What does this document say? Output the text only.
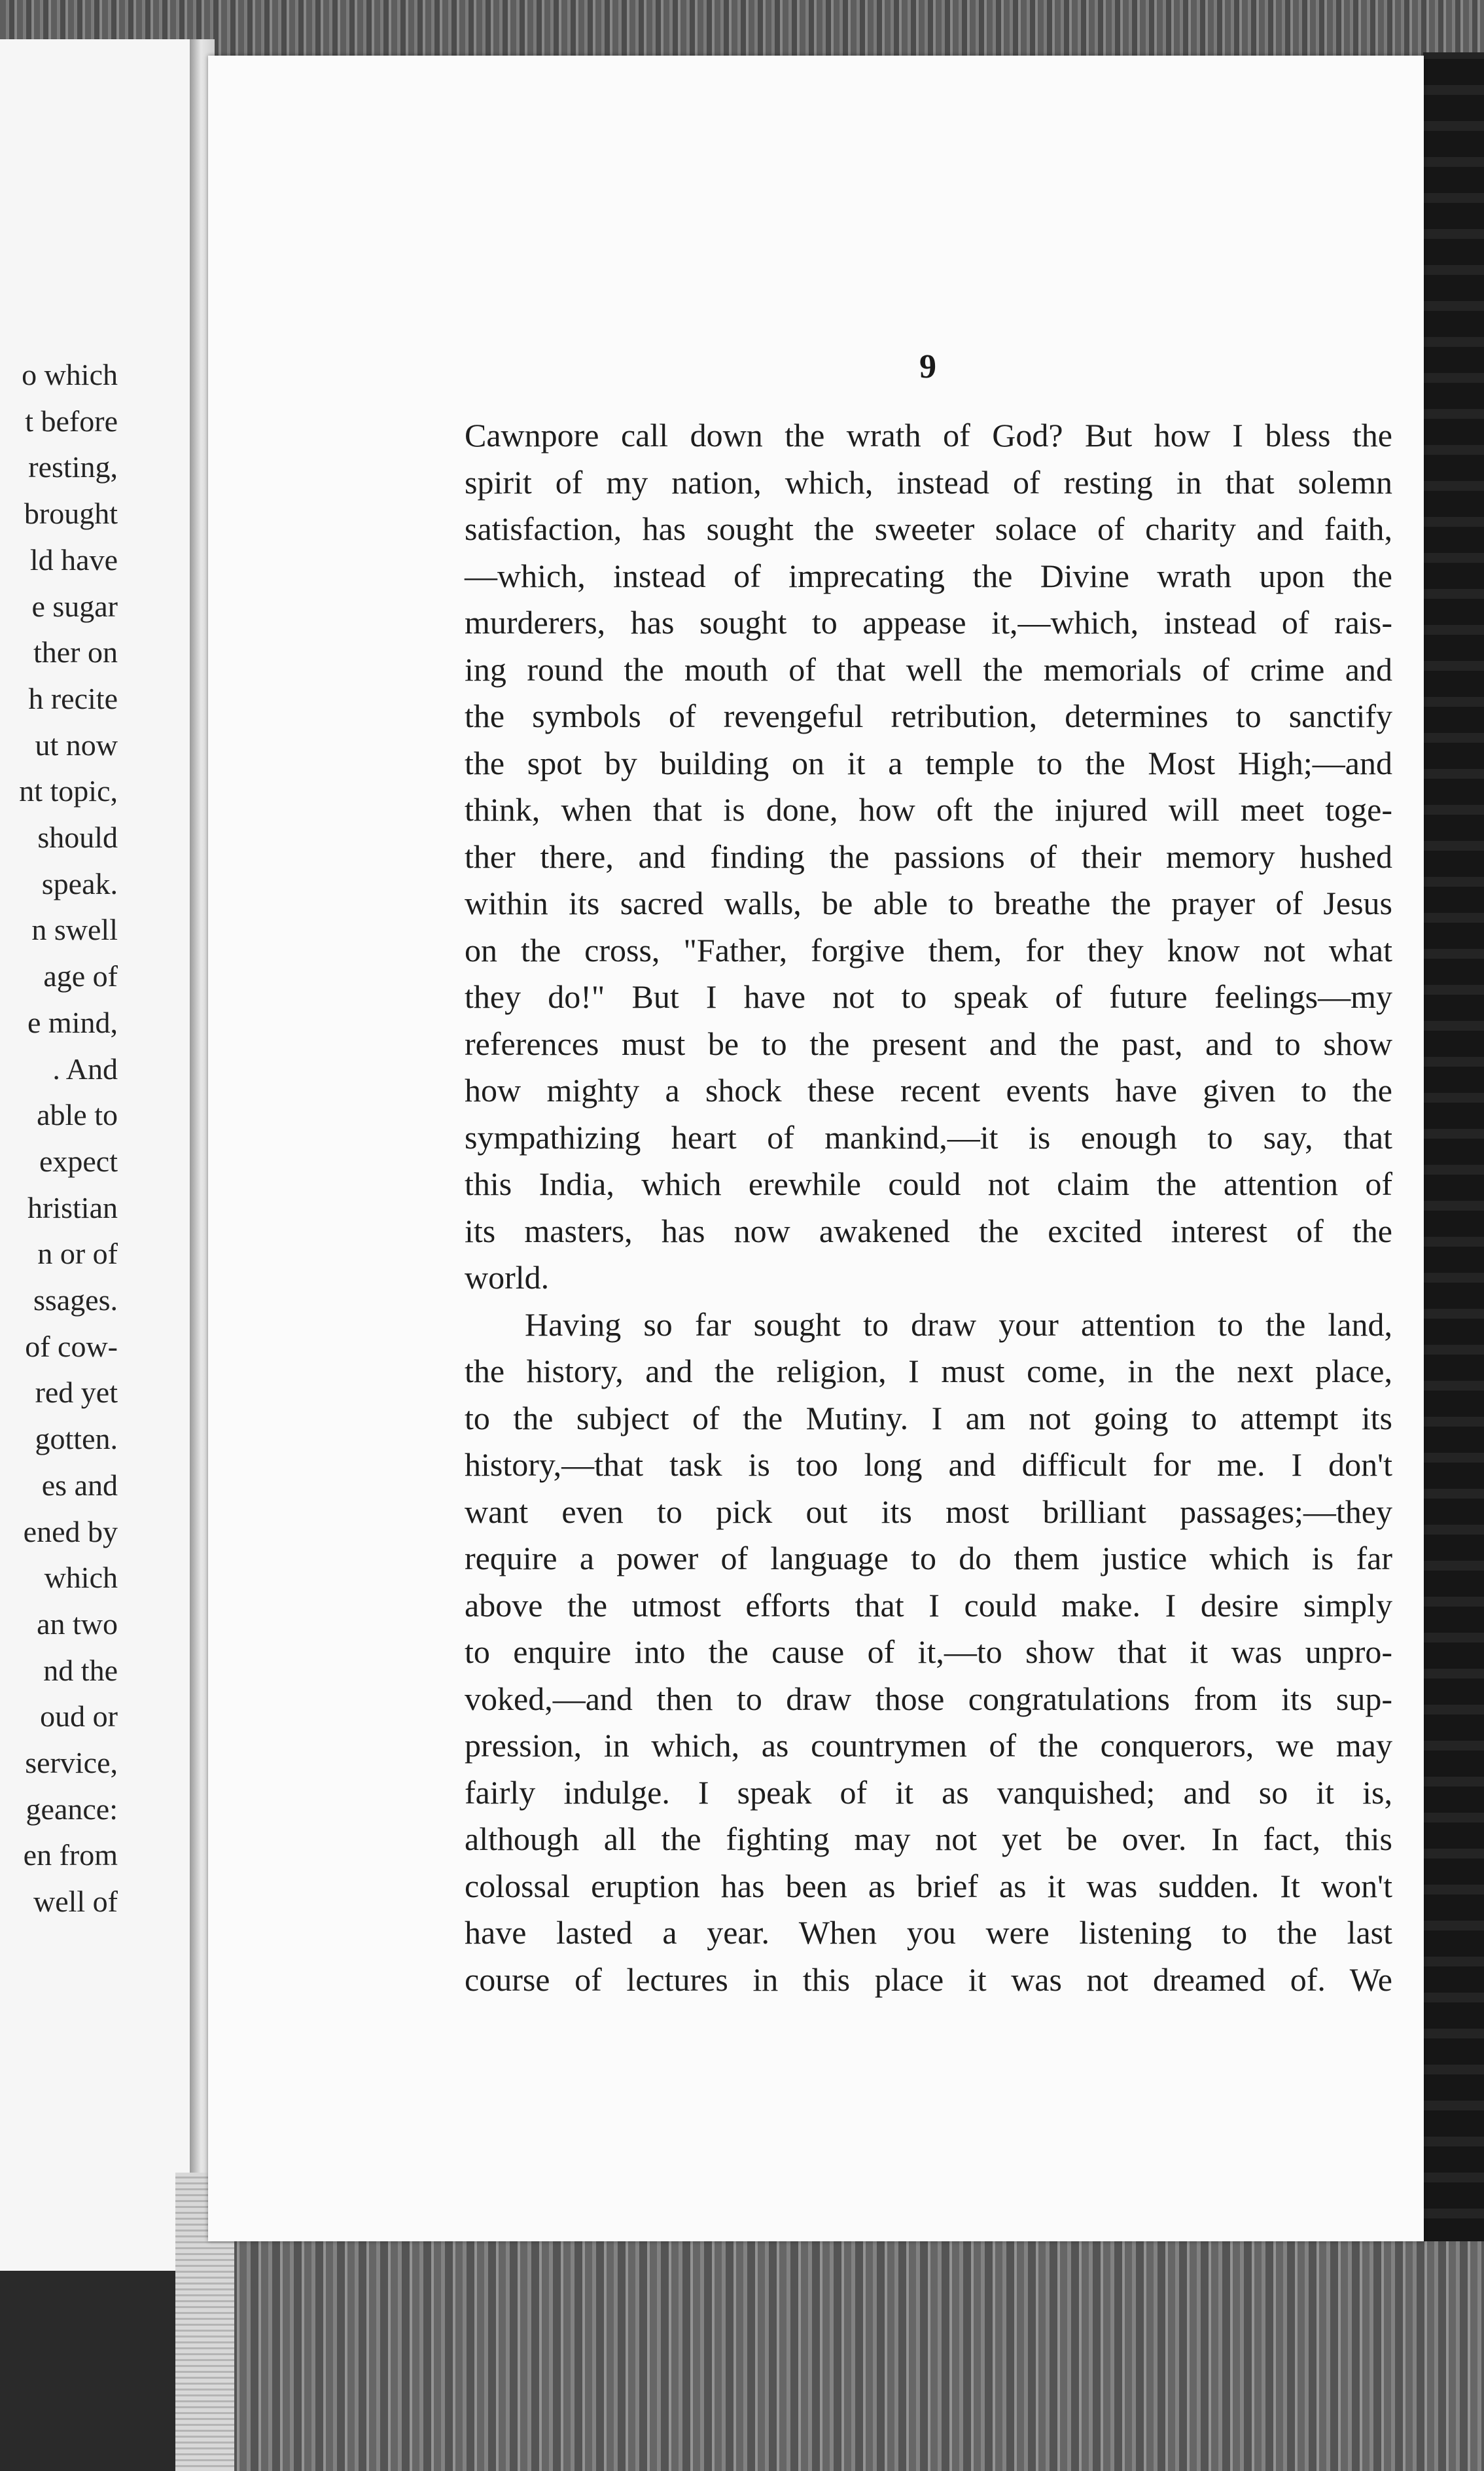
o which
t before
resting,
brought
ld have
e sugar
ther on
h recite
ut now
nt topic,
should
speak.
n swell
age of
e mind,
. And
able to
expect
hristian
n or of
ssages.
of cow-
red yet
gotten.
es and
ened by
which
an two
nd the
oud or
service,
geance:
en from
well of
9
Cawnpore call down the wrath of God? But how I bless the
spirit of my nation, which, instead of resting in that solemn
satisfaction, has sought the sweeter solace of charity and faith,
—which, instead of imprecating the Divine wrath upon the
murderers, has sought to appease it,—which, instead of rais-
ing round the mouth of that well the memorials of crime and
the symbols of revengeful retribution, determines to sanctify
the spot by building on it a temple to the Most High;—and
think, when that is done, how oft the injured will meet toge-
ther there, and finding the passions of their memory hushed
within its sacred walls, be able to breathe the prayer of Jesus
on the cross, "Father, forgive them, for they know not what
they do!" But I have not to speak of future feelings—my
references must be to the present and the past, and to show
how mighty a shock these recent events have given to the
sympathizing heart of mankind,—it is enough to say, that
this India, which erewhile could not claim the attention of
its masters, has now awakened the excited interest of the
world.
Having so far sought to draw your attention to the land,
the history, and the religion, I must come, in the next place,
to the subject of the Mutiny. I am not going to attempt its
history,—that task is too long and difficult for me. I don't
want even to pick out its most brilliant passages;—they
require a power of language to do them justice which is far
above the utmost efforts that I could make. I desire simply
to enquire into the cause of it,—to show that it was unpro-
voked,—and then to draw those congratulations from its sup-
pression, in which, as countrymen of the conquerors, we may
fairly indulge. I speak of it as vanquished; and so it is,
although all the fighting may not yet be over. In fact, this
colossal eruption has been as brief as it was sudden. It won't
have lasted a year. When you were listening to the last
course of lectures in this place it was not dreamed of. We
